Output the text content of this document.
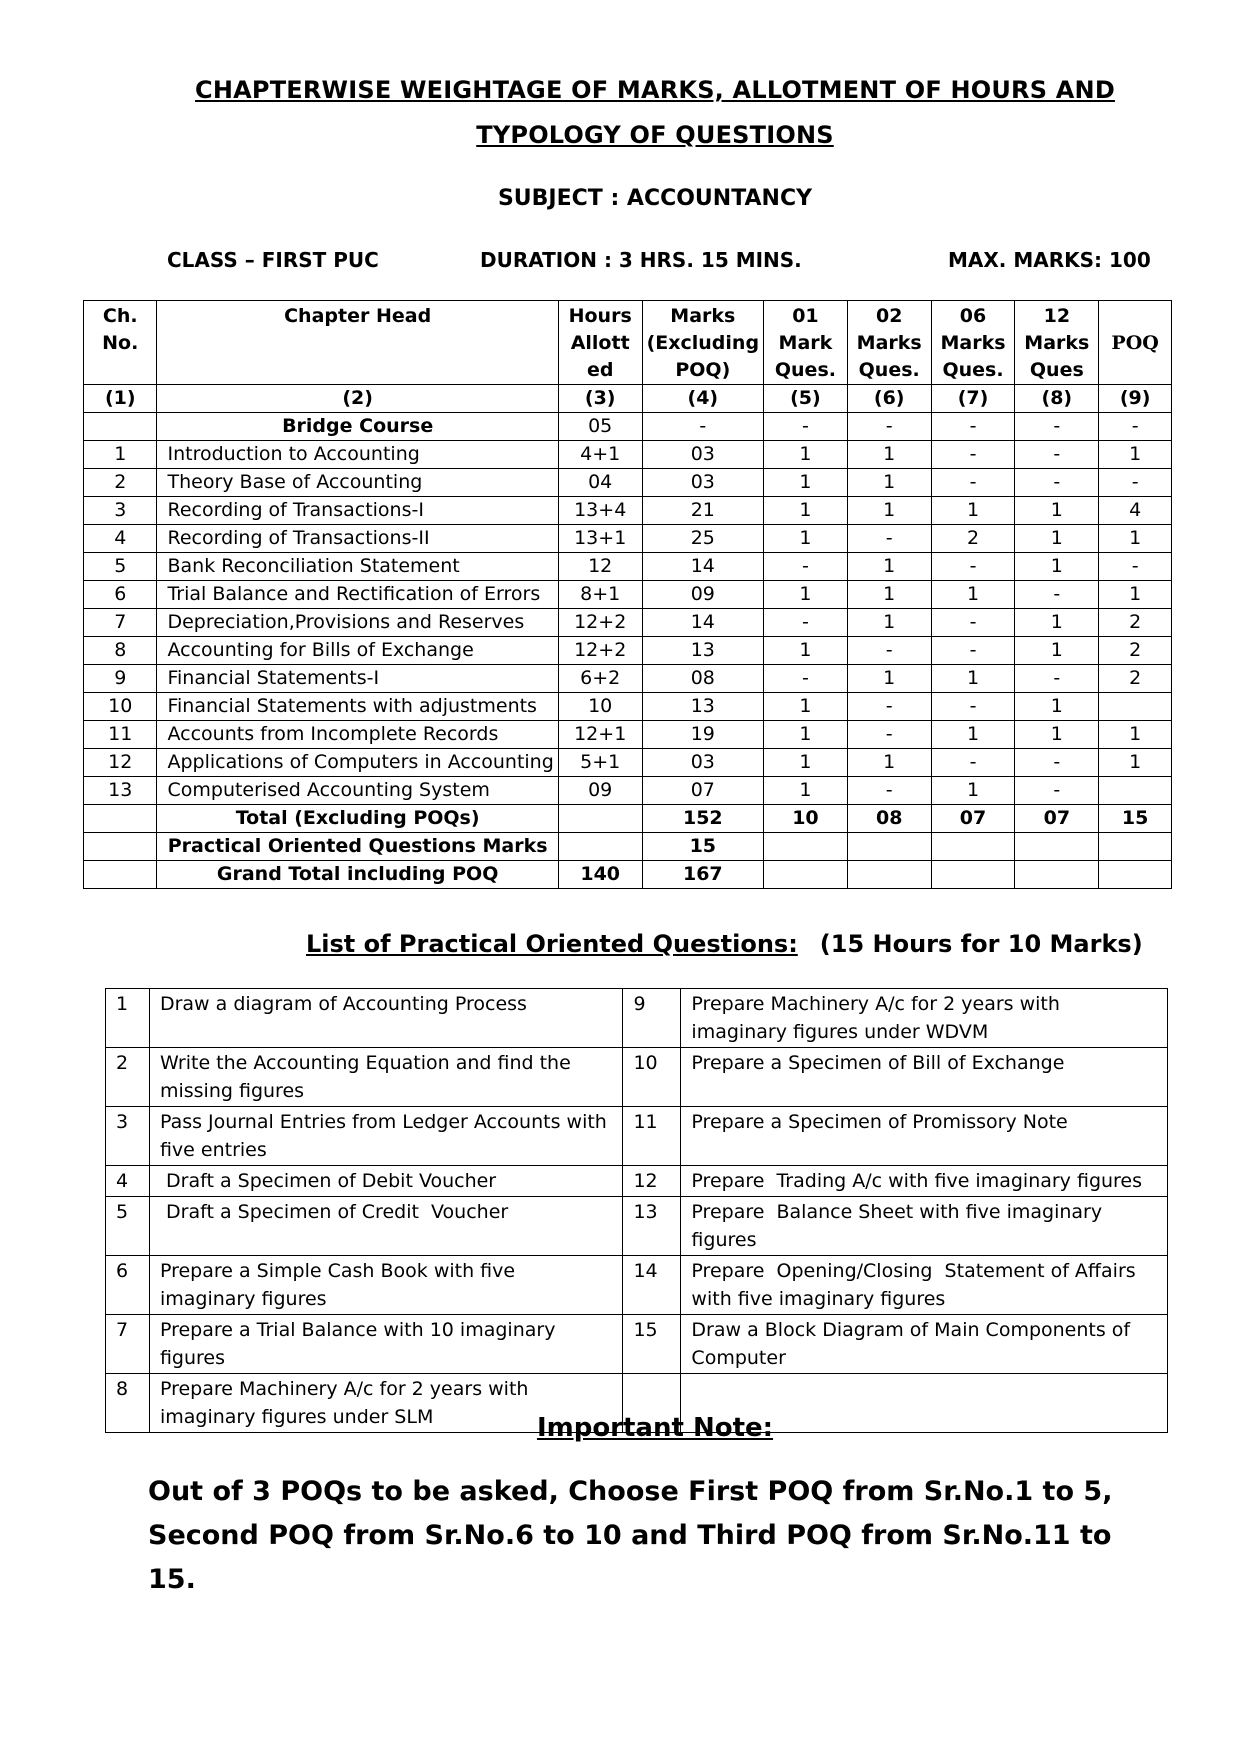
CHAPTERWISE WEIGHTAGE OF MARKS, ALLOTMENT OF HOURS AND
TYPOLOGY OF QUESTIONS
SUBJECT : ACCOUNTANCY
CLASS – FIRST PUC	DURATION : 3 HRS. 15 MINS.	MAX. MARKS: 100
Ch.
No.	Chapter Head	Hours
Allott
ed	Marks
(Excluding
POQ)	01
Mark
Ques.	02
Marks
Ques.	06
Marks
Ques.	12
Marks
Ques	POQ
(1)	(2)	(3)	(4)	(5)	(6)	(7)	(8)	(9)
	Bridge Course	05	-	-	-	-	-	-
1	Introduction to Accounting	4+1	03	1	1	-	-	1
2	Theory Base of Accounting	04	03	1	1	-	-	-
3	Recording of Transactions-I	13+4	21	1	1	1	1	4
4	Recording of Transactions-II	13+1	25	1	-	2	1	1
5	Bank Reconciliation Statement	12	14	-	1	-	1	-
6	Trial Balance and Rectification of Errors	8+1	09	1	1	1	-	1
7	Depreciation,Provisions and Reserves	12+2	14	-	1	-	1	2
8	Accounting for Bills of Exchange	12+2	13	1	-	-	1	2
9	Financial Statements-I	6+2	08	-	1	1	-	2
10	Financial Statements with adjustments	10	13	1	-	-	1	
11	Accounts from Incomplete Records	12+1	19	1	-	1	1	1
12	Applications of Computers in Accounting	5+1	03	1	1	-	-	1
13	Computerised Accounting System	09	07	1	-	1	-	
	Total (Excluding POQs)		152	10	08	07	07	15
	Practical Oriented Questions Marks		15					
	Grand Total including POQ	140	167					
List of Practical Oriented Questions: (15 Hours for 10 Marks)
1	Draw a diagram of Accounting Process	9	Prepare Machinery A/c for 2 years with imaginary figures under WDVM
2	Write the Accounting Equation and find the missing figures	10	Prepare a Specimen of Bill of Exchange
3	Pass Journal Entries from Ledger Accounts with five entries	11	Prepare a Specimen of Promissory Note
4	Draft a Specimen of Debit Voucher	12	Prepare  Trading A/c with five imaginary figures
5	Draft a Specimen of Credit  Voucher	13	Prepare  Balance Sheet with five imaginary figures
6	Prepare a Simple Cash Book with five imaginary figures	14	Prepare  Opening/Closing  Statement of Affairs with five imaginary figures
7	Prepare a Trial Balance with 10 imaginary figures	15	Draw a Block Diagram of Main Components of Computer
8	Prepare Machinery A/c for 2 years with imaginary figures under SLM			Important Note:
Out of 3 POQs to be asked, Choose First POQ from Sr.No.1 to 5, Second POQ from Sr.No.6 to 10 and Third POQ from Sr.No.11 to 15.
